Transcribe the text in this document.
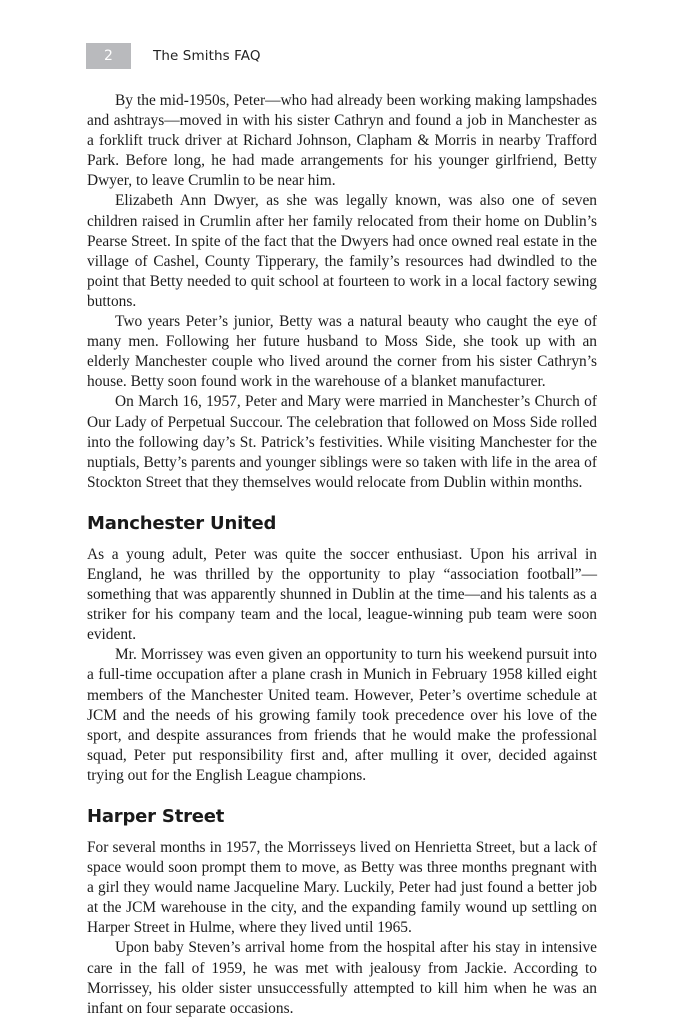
2	The Smiths FAQ

By the mid-1950s, Peter—who had already been working making lampshades and ashtrays—moved in with his sister Cathryn and found a job in Manchester as a forklift truck driver at Richard Johnson, Clapham & Morris in nearby Trafford Park. Before long, he had made arrangements for his younger girlfriend, Betty Dwyer, to leave Crumlin to be near him.

Elizabeth Ann Dwyer, as she was legally known, was also one of seven children raised in Crumlin after her family relocated from their home on Dublin’s Pearse Street. In spite of the fact that the Dwyers had once owned real estate in the village of Cashel, County Tipperary, the family’s resources had dwindled to the point that Betty needed to quit school at fourteen to work in a local factory sewing buttons.

Two years Peter’s junior, Betty was a natural beauty who caught the eye of many men. Following her future husband to Moss Side, she took up with an elderly Manchester couple who lived around the corner from his sister Cathryn’s house. Betty soon found work in the warehouse of a blanket manufacturer.

On March 16, 1957, Peter and Mary were married in Manchester’s Church of Our Lady of Perpetual Succour. The celebration that followed on Moss Side rolled into the following day’s St. Patrick’s festivities. While visiting Manchester for the nuptials, Betty’s parents and younger siblings were so taken with life in the area of Stockton Street that they themselves would relocate from Dublin within months.

Manchester United

As a young adult, Peter was quite the soccer enthusiast. Upon his arrival in England, he was thrilled by the opportunity to play “association football”—something that was apparently shunned in Dublin at the time—and his talents as a striker for his company team and the local, league-winning pub team were soon evident.

Mr. Morrissey was even given an opportunity to turn his weekend pursuit into a full-time occupation after a plane crash in Munich in February 1958 killed eight members of the Manchester United team. However, Peter’s overtime schedule at JCM and the needs of his growing family took precedence over his love of the sport, and despite assurances from friends that he would make the professional squad, Peter put responsibility first and, after mulling it over, decided against trying out for the English League champions.

Harper Street

For several months in 1957, the Morrisseys lived on Henrietta Street, but a lack of space would soon prompt them to move, as Betty was three months pregnant with a girl they would name Jacqueline Mary. Luckily, Peter had just found a better job at the JCM warehouse in the city, and the expanding family wound up settling on Harper Street in Hulme, where they lived until 1965.

Upon baby Steven’s arrival home from the hospital after his stay in intensive care in the fall of 1959, he was met with jealousy from Jackie. According to Morrissey, his older sister unsuccessfully attempted to kill him when he was an infant on four separate occasions.
